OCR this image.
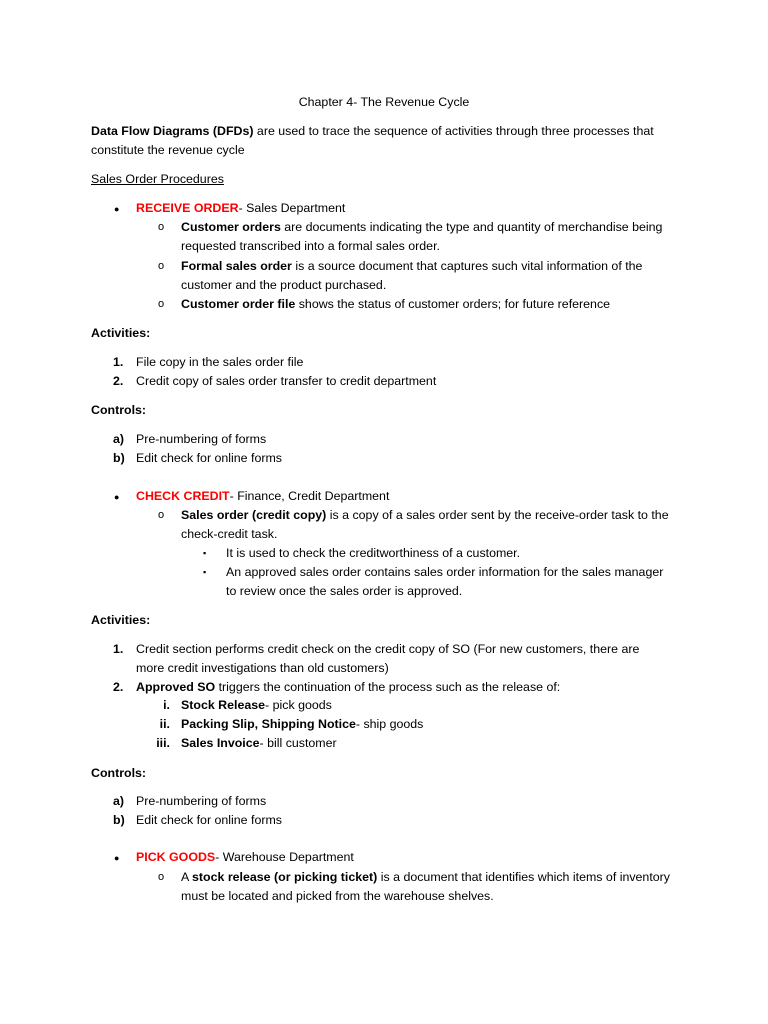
Chapter 4- The Revenue Cycle
Data Flow Diagrams (DFDs) are used to trace the sequence of activities through three processes that
constitute the revenue cycle
Sales Order Procedures
● RECEIVE ORDER- Sales Department
o Customer orders are documents indicating the type and quantity of merchandise being
requested transcribed into a formal sales order.
o Formal sales order is a source document that captures such vital information of the
customer and the product purchased.
o Customer order file shows the status of customer orders; for future reference
Activities:
1. File copy in the sales order file
2. Credit copy of sales order transfer to credit department
Controls:
a) Pre-numbering of forms
b) Edit check for online forms
● CHECK CREDIT- Finance, Credit Department
o Sales order (credit copy) is a copy of a sales order sent by the receive-order task to the
check-credit task.
▪ It is used to check the creditworthiness of a customer.
▪ An approved sales order contains sales order information for the sales manager
to review once the sales order is approved.
Activities:
1. Credit section performs credit check on the credit copy of SO (For new customers, there are
more credit investigations than old customers)
2. Approved SO triggers the continuation of the process such as the release of:
i. Stock Release- pick goods
ii. Packing Slip, Shipping Notice- ship goods
iii. Sales Invoice- bill customer
Controls:
a) Pre-numbering of forms
b) Edit check for online forms
● PICK GOODS- Warehouse Department
o A stock release (or picking ticket) is a document that identifies which items of inventory
must be located and picked from the warehouse shelves.
